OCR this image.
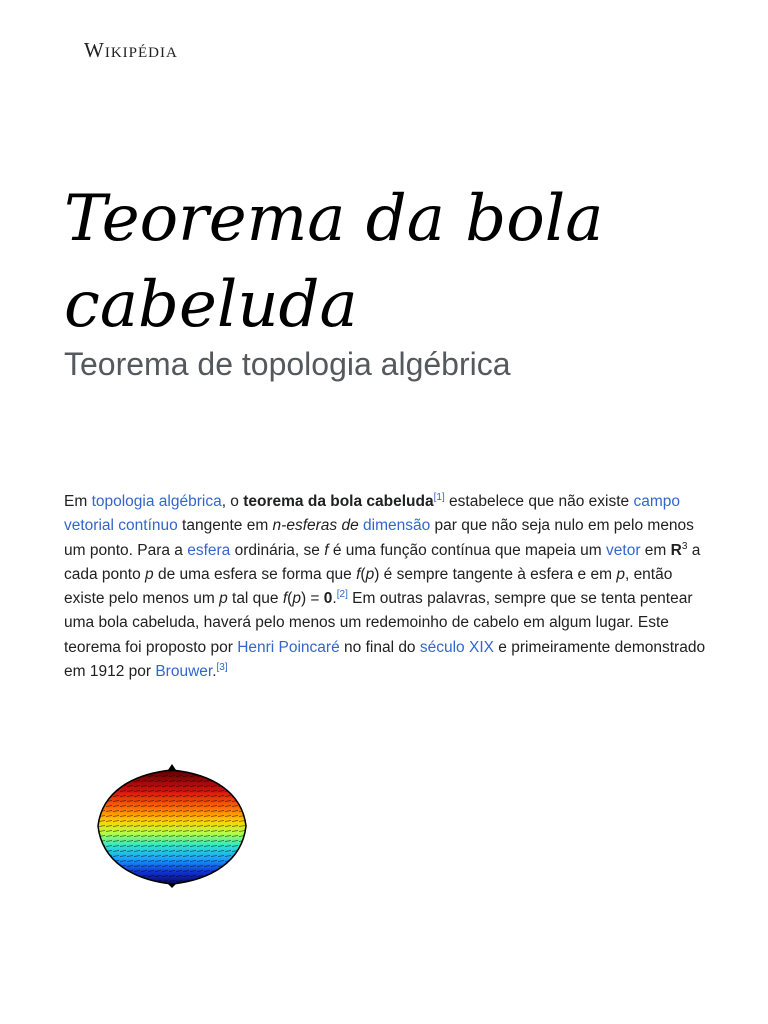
Wikipédia
Teorema da bola cabeluda

Teorema de topologia algébrica

Em topologia algébrica, o teorema da bola cabeluda[1] estabelece que não existe campo vetorial contínuo tangente em n-esferas de dimensão par que não seja nulo em pelo menos um ponto. Para a esfera ordinária, se f é uma função contínua que mapeia um vetor em $R^3$ a cada ponto p de uma esfera se forma que f(p) é sempre tangente à esfera e em p, então existe pelo menos um p tal que f(p) = 0.[2] Em outras palavras, sempre que se tenta pentear uma bola cabeluda, haverá pelo menos um redemoinho de cabelo em algum lugar. Este teorema foi proposto por Henri Poincaré no final do século XIX e primeiramente demonstrado em 1912 por Brouwer.[3]
